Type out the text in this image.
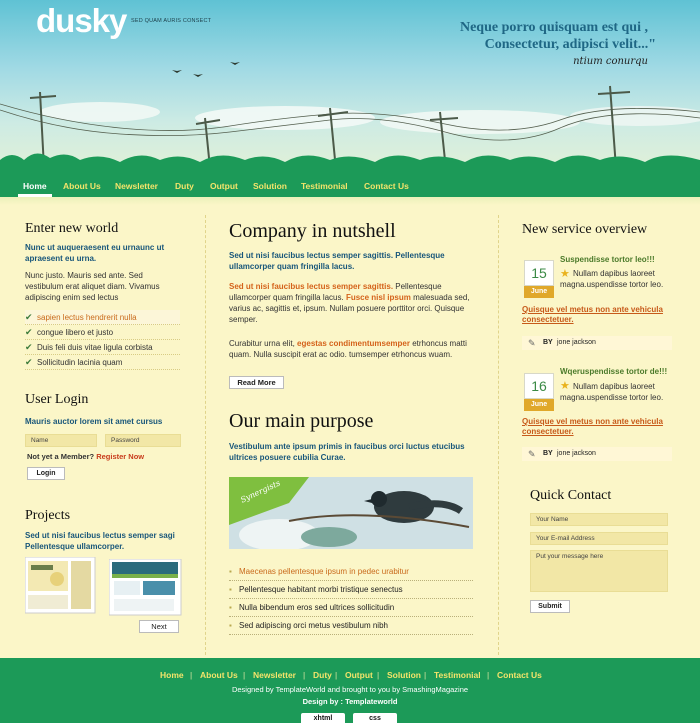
dusky SED QUAM AURIS CONSECT	Neque porro quisquam est qui ,
Consectetur, adipisci velit..."
ntium conurqu
Home About Us Newsletter Duty Output Solution Testimonial Contact Us
Enter new world

Nunc ut auqueraesent eu urnaunc ut apraesent eu urna.

Nunc justo. Mauris sed ante. Sed vestibulum erat aliquet diam. Vivamus adipiscing enim sed lectus

✔ sapien lectus hendrerit nulla
✔ congue libero et justo
✔ Duis feli duis vitae ligula corbista
✔ Sollicitudin lacinia quam
User Login

Mauris auctor lorem sit amet cursus

Name	Password
Not yet a Member? Register Now
Login
Projects

Sed ut nisi faucibus lectus semper sagi Pellentesque ullamcorper.

Next
Company in nutshell

Sed ut nisi faucibus lectus semper sagittis. Pellentesque ullamcorper quam fringilla lacus.

Sed ut nisi faucibus lectus semper sagittis. Pellentesque ullamcorper quam fringilla lacus. Fusce nisl ipsum malesuada sed, varius ac, sagittis et, ipsum. Nullam posuere porttitor orci. Quisque semper.

Curabitur urna elit, egestas condimentumsemper etrhoncus matti quam. Nulla suscipit erat ac odio. tumsemper etrhoncus wuam.

Read More
Our main purpose

Vestibulum ante ipsum primis in faucibus orci luctus etucibus ultrices posuere cubilia Curae.

Synergists
▪ Maecenas pellentesque ipsum in pedec urabitur
▪ Pellentesque habitant morbi tristique senectus
▪ Nulla bibendum eros sed ultrices sollicitudin
▪ Sed adipiscing orci metus vestibulum nibh
New service overview
15
June
Suspendisse tortor leo!!!
★ Nullam dapibus laoreet magna.uspendisse tortor leo.

Quisque vel metus non ante vehicula consectetuer.
✎ BY jone jackson
16
June
Wqeruspendisse tortor de!!!
★ Nullam dapibus laoreet magna.uspendisse tortor leo.

Quisque vel metus non ante vehicula consectetuer.
✎ BY jone jackson
Quick Contact
Your Name
Your E-mail Address
Put your message here
Submit
Home | About Us | Newsletter | Duty | Output | Solution | Testimonial | Contact Us
Designed by TemplateWorld and brought to you by SmashingMagazine
Design by : Templateworld
xhtml	css
